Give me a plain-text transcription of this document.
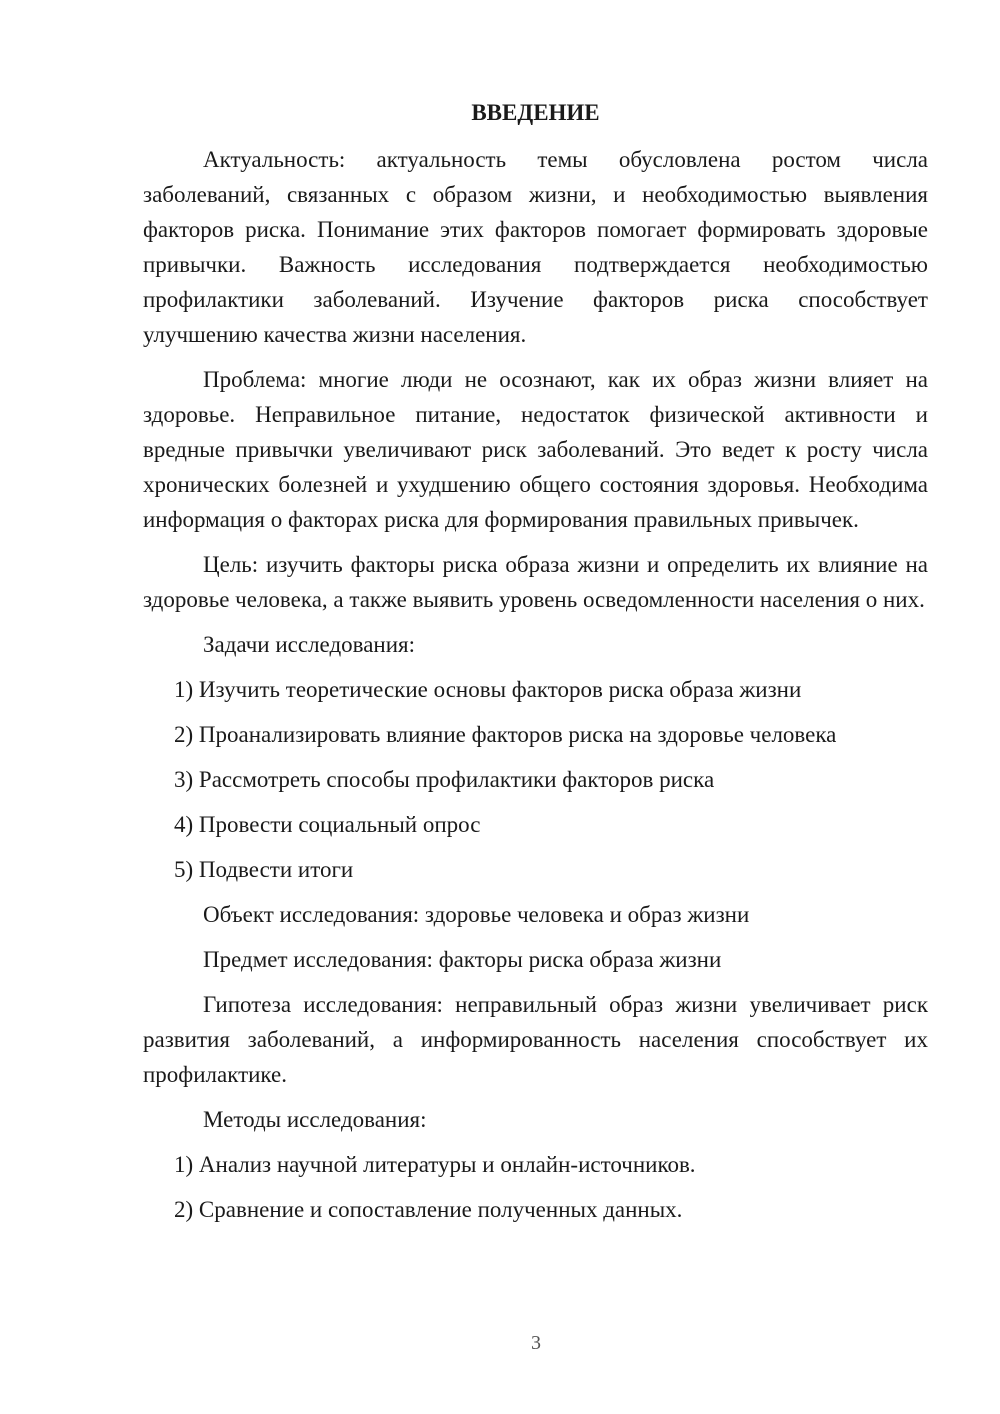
ВВЕДЕНИЕ

Актуальность: актуальность темы обусловлена ростом числа заболеваний, связанных с образом жизни, и необходимостью выявления факторов риска. Понимание этих факторов помогает формировать здоровые привычки. Важность исследования подтверждается необходимостью профилактики заболеваний. Изучение факторов риска способствует улучшению качества жизни населения.

Проблема: многие люди не осознают, как их образ жизни влияет на здоровье. Неправильное питание, недостаток физической активности и вредные привычки увеличивают риск заболеваний. Это ведет к росту числа хронических болезней и ухудшению общего состояния здоровья. Необходима информация о факторах риска для формирования правильных привычек.

Цель: изучить факторы риска образа жизни и определить их влияние на здоровье человека, а также выявить уровень осведомленности населения о них.

Задачи исследования:

1) Изучить теоретические основы факторов риска образа жизни

2) Проанализировать влияние факторов риска на здоровье человека

3) Рассмотреть способы профилактики факторов риска

4) Провести социальный опрос

5) Подвести итоги

Объект исследования: здоровье человека и образ жизни

Предмет исследования: факторы риска образа жизни

Гипотеза исследования: неправильный образ жизни увеличивает риск развития заболеваний, а информированность населения способствует их профилактике.

Методы исследования:

1) Анализ научной литературы и онлайн-источников.

2) Сравнение и сопоставление полученных данных.

3
